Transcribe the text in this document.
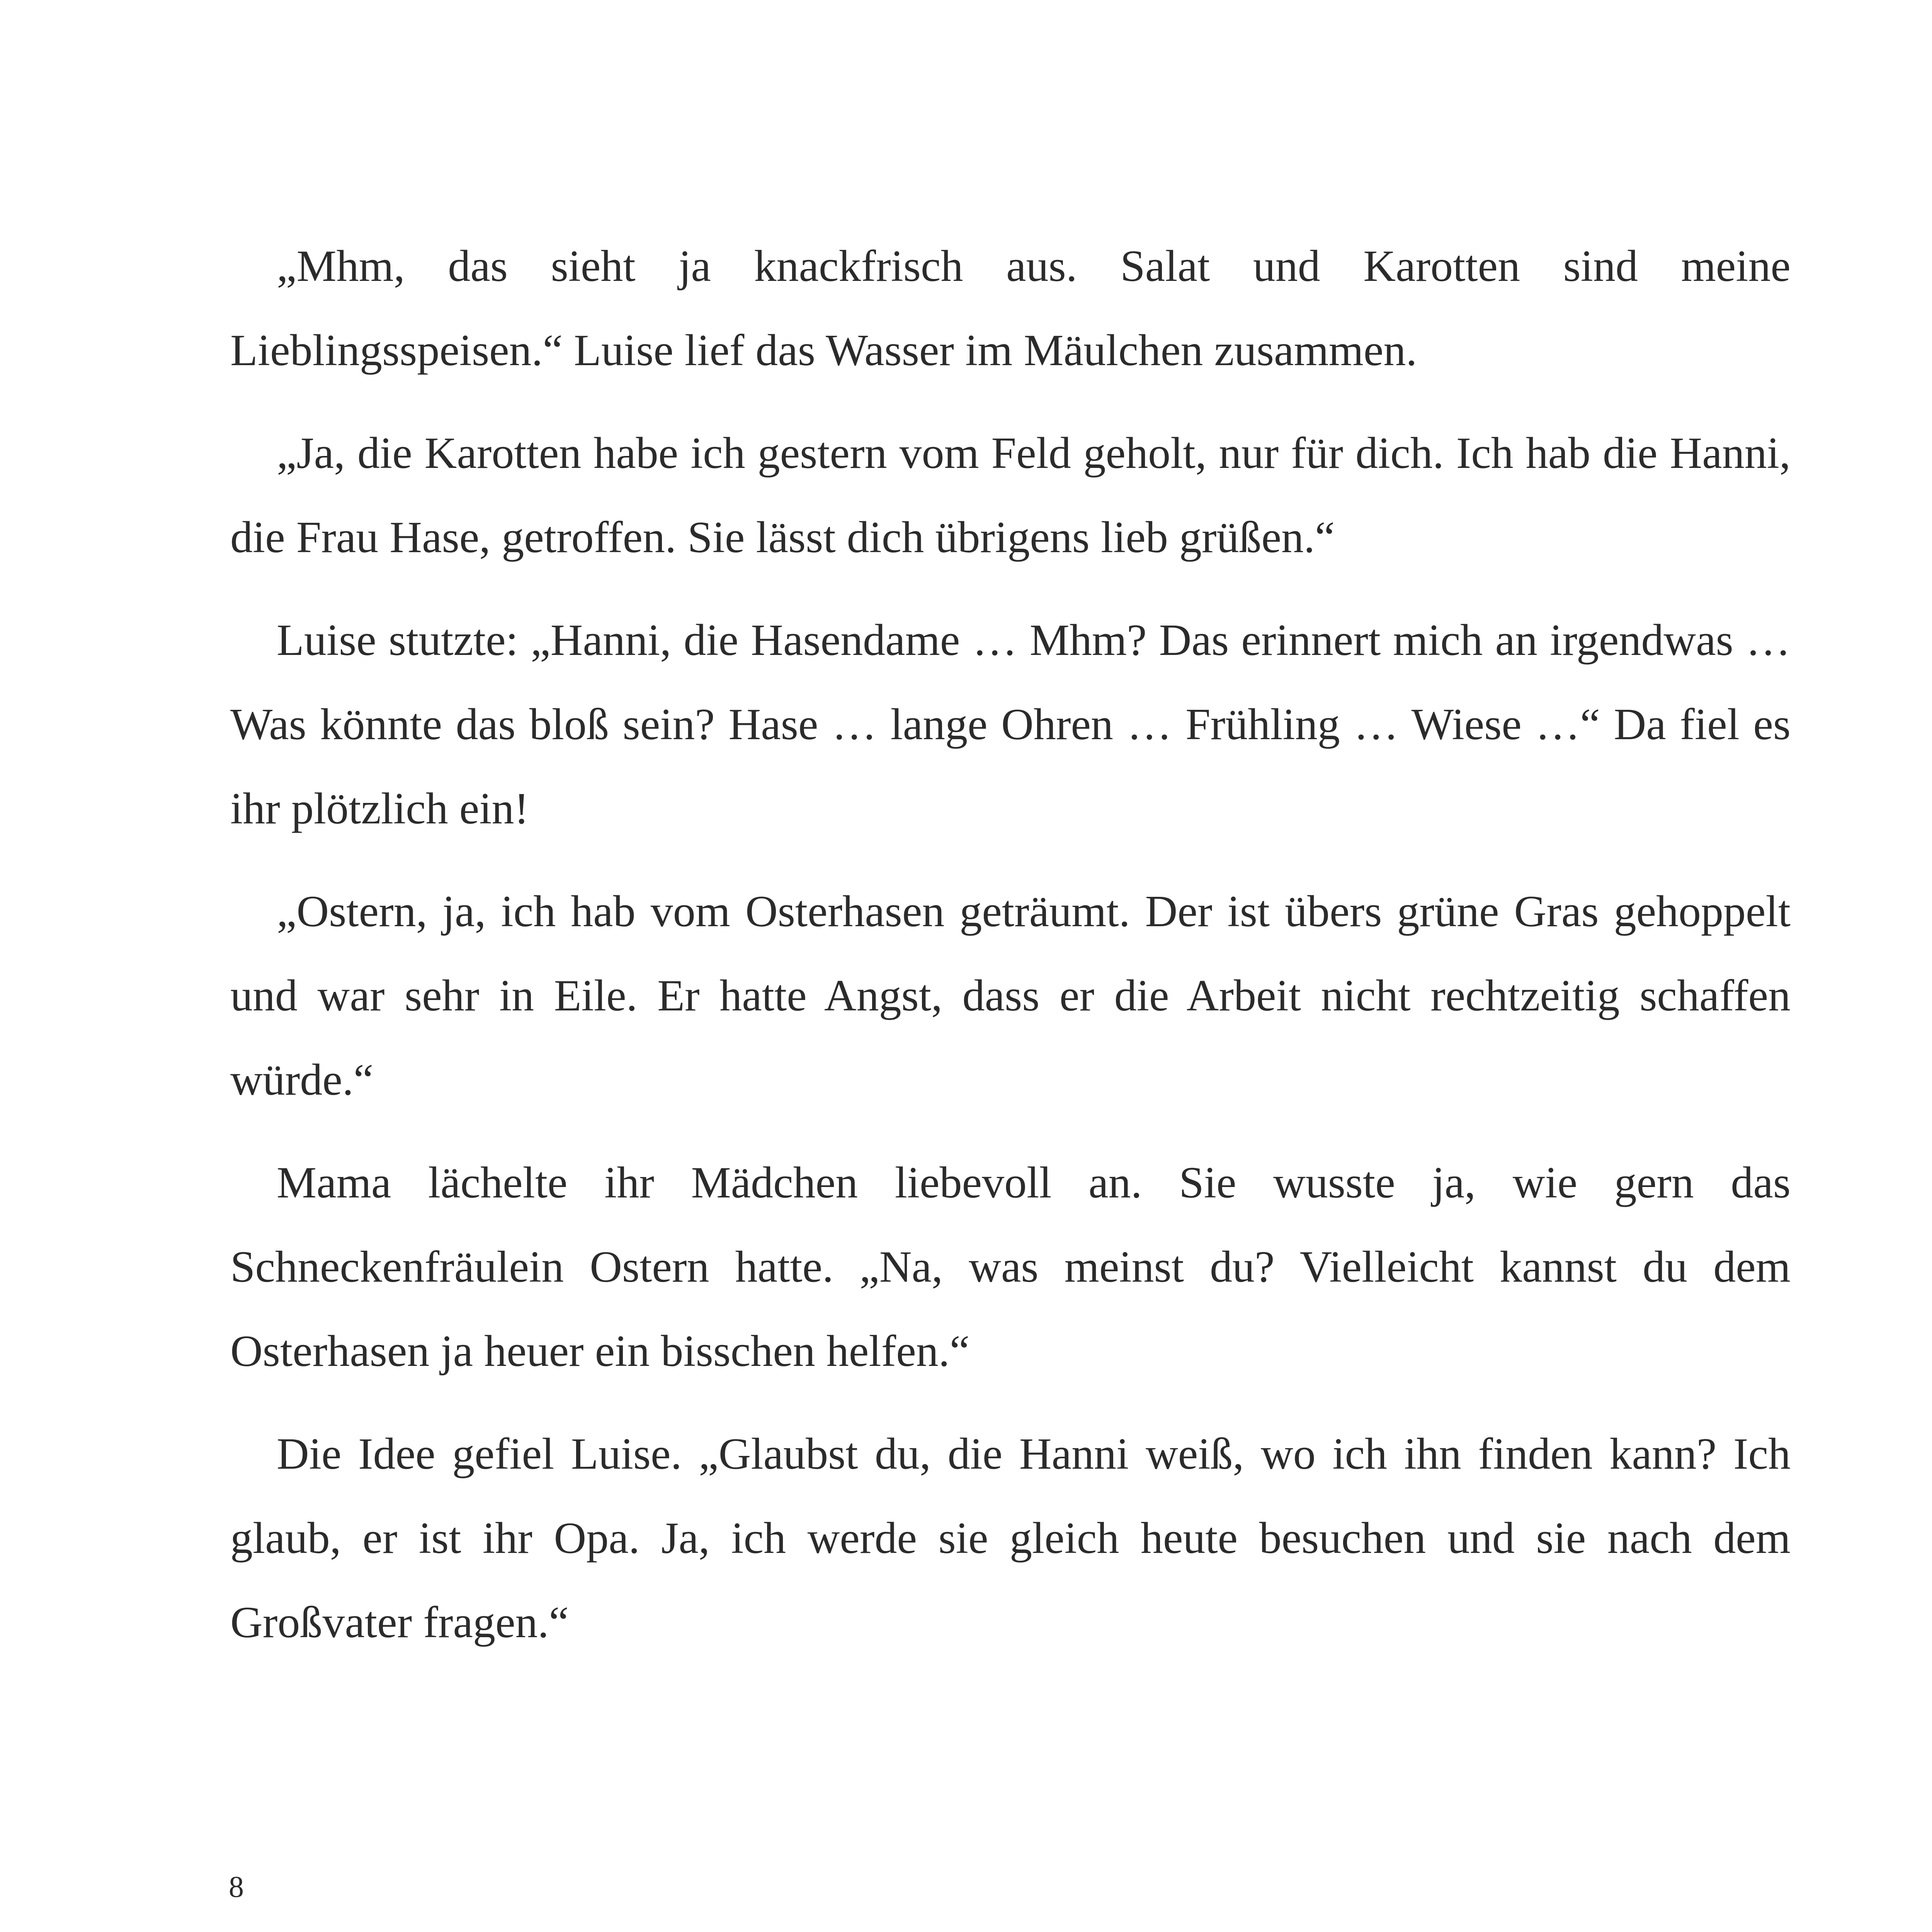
„Mhm, das sieht ja knackfrisch aus. Salat und Karotten sind meine Lieblingsspeisen.“ Luise lief das Wasser im Mäulchen zusammen.

„Ja, die Karotten habe ich gestern vom Feld geholt, nur für dich. Ich hab die Hanni, die Frau Hase, getroffen. Sie lässt dich übrigens lieb grüßen.“

Luise stutzte: „Hanni, die Hasendame … Mhm? Das erinnert mich an irgendwas … Was könnte das bloß sein? Hase … lange Ohren … Frühling … Wiese …“ Da fiel es ihr plötzlich ein!

„Ostern, ja, ich hab vom Osterhasen geträumt. Der ist übers grüne Gras gehoppelt und war sehr in Eile. Er hatte Angst, dass er die Arbeit nicht rechtzeitig schaffen würde.“

Mama lächelte ihr Mädchen liebevoll an. Sie wusste ja, wie gern das Schneckenfräulein Ostern hatte. „Na, was meinst du? Vielleicht kannst du dem Osterhasen ja heuer ein bisschen helfen.“

Die Idee gefiel Luise. „Glaubst du, die Hanni weiß, wo ich ihn finden kann? Ich glaub, er ist ihr Opa. Ja, ich werde sie gleich heute besuchen und sie nach dem Großvater fragen.“

8
